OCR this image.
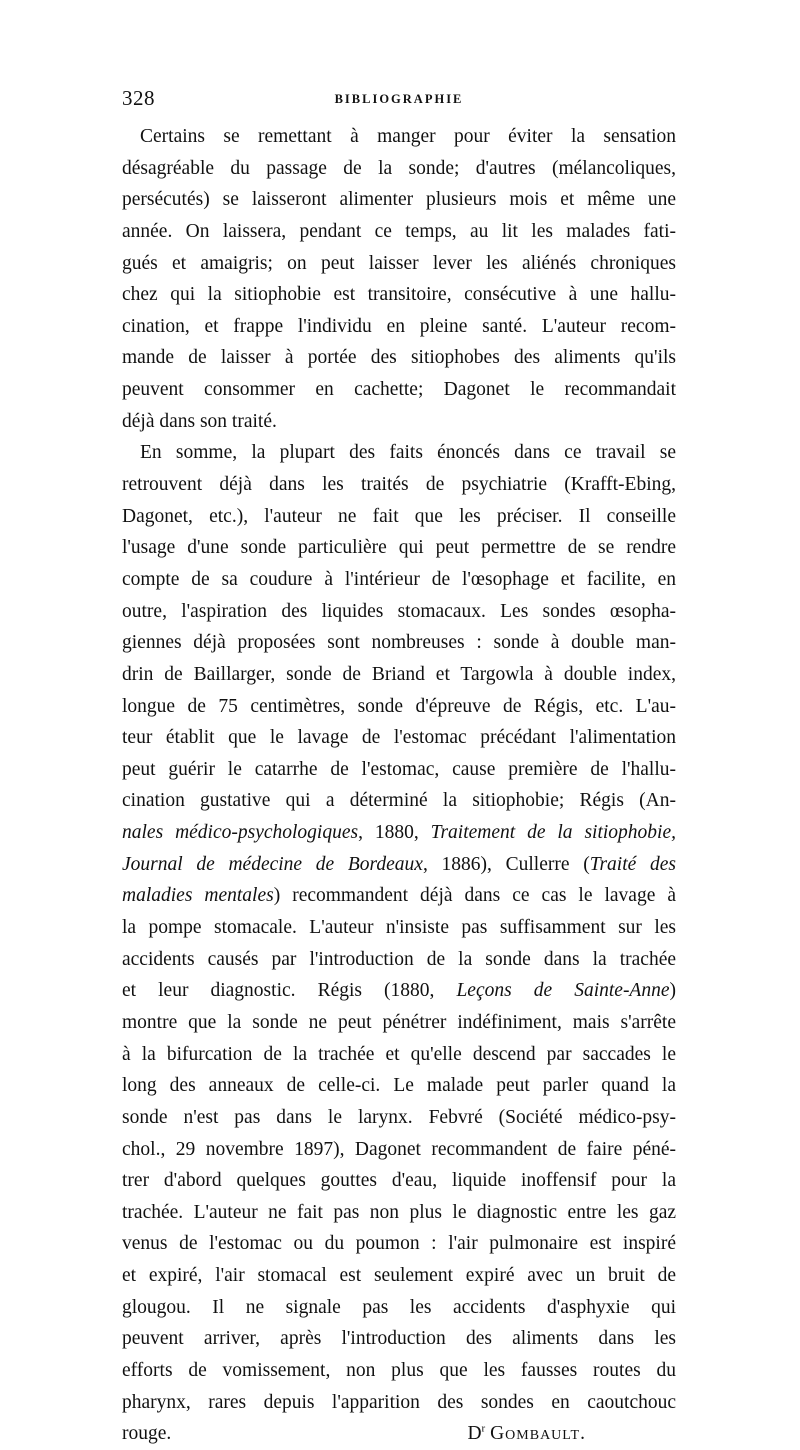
328	BIBLIOGRAPHIE
Certains se remettant à manger pour éviter la sensation
désagréable du passage de la sonde; d'autres (mélancoliques,
persécutés) se laisseront alimenter plusieurs mois et même une
année. On laissera, pendant ce temps, au lit les malades fati-
gués et amaigris; on peut laisser lever les aliénés chroniques
chez qui la sitiophobie est transitoire, consécutive à une hallu-
cination, et frappe l'individu en pleine santé. L'auteur recom-
mande de laisser à portée des sitiophobes des aliments qu'ils
peuvent consommer en cachette; Dagonet le recommandait
déjà dans son traité.
En somme, la plupart des faits énoncés dans ce travail se
retrouvent déjà dans les traités de psychiatrie (Krafft-Ebing,
Dagonet, etc.), l'auteur ne fait que les préciser. Il conseille
l'usage d'une sonde particulière qui peut permettre de se rendre
compte de sa coudure à l'intérieur de l'œsophage et facilite, en
outre, l'aspiration des liquides stomacaux. Les sondes œsopha-
giennes déjà proposées sont nombreuses : sonde à double man-
drin de Baillarger, sonde de Briand et Targowla à double index,
longue de 75 centimètres, sonde d'épreuve de Régis, etc. L'au-
teur établit que le lavage de l'estomac précédant l'alimentation
peut guérir le catarrhe de l'estomac, cause première de l'hallu-
cination gustative qui a déterminé la sitiophobie; Régis (An-
nales médico-psychologiques, 1880, Traitement de la sitiophobie,
Journal de médecine de Bordeaux, 1886), Cullerre (Traité des
maladies mentales) recommandent déjà dans ce cas le lavage à
la pompe stomacale. L'auteur n'insiste pas suffisamment sur les
accidents causés par l'introduction de la sonde dans la trachée
et leur diagnostic. Régis (1880, Leçons de Sainte-Anne)
montre que la sonde ne peut pénétrer indéfiniment, mais s'arrête
à la bifurcation de la trachée et qu'elle descend par saccades le
long des anneaux de celle-ci. Le malade peut parler quand la
sonde n'est pas dans le larynx. Febvré (Société médico-psy-
chol., 29 novembre 1897), Dagonet recommandent de faire péné-
trer d'abord quelques gouttes d'eau, liquide inoffensif pour la
trachée. L'auteur ne fait pas non plus le diagnostic entre les gaz
venus de l'estomac ou du poumon : l'air pulmonaire est inspiré
et expiré, l'air stomacal est seulement expiré avec un bruit de
glougou. Il ne signale pas les accidents d'asphyxie qui
peuvent arriver, après l'introduction des aliments dans les
efforts de vomissement, non plus que les fausses routes du
pharynx, rares depuis l'apparition des sondes en caoutchouc
rouge.	$D^r$ Gombault.
